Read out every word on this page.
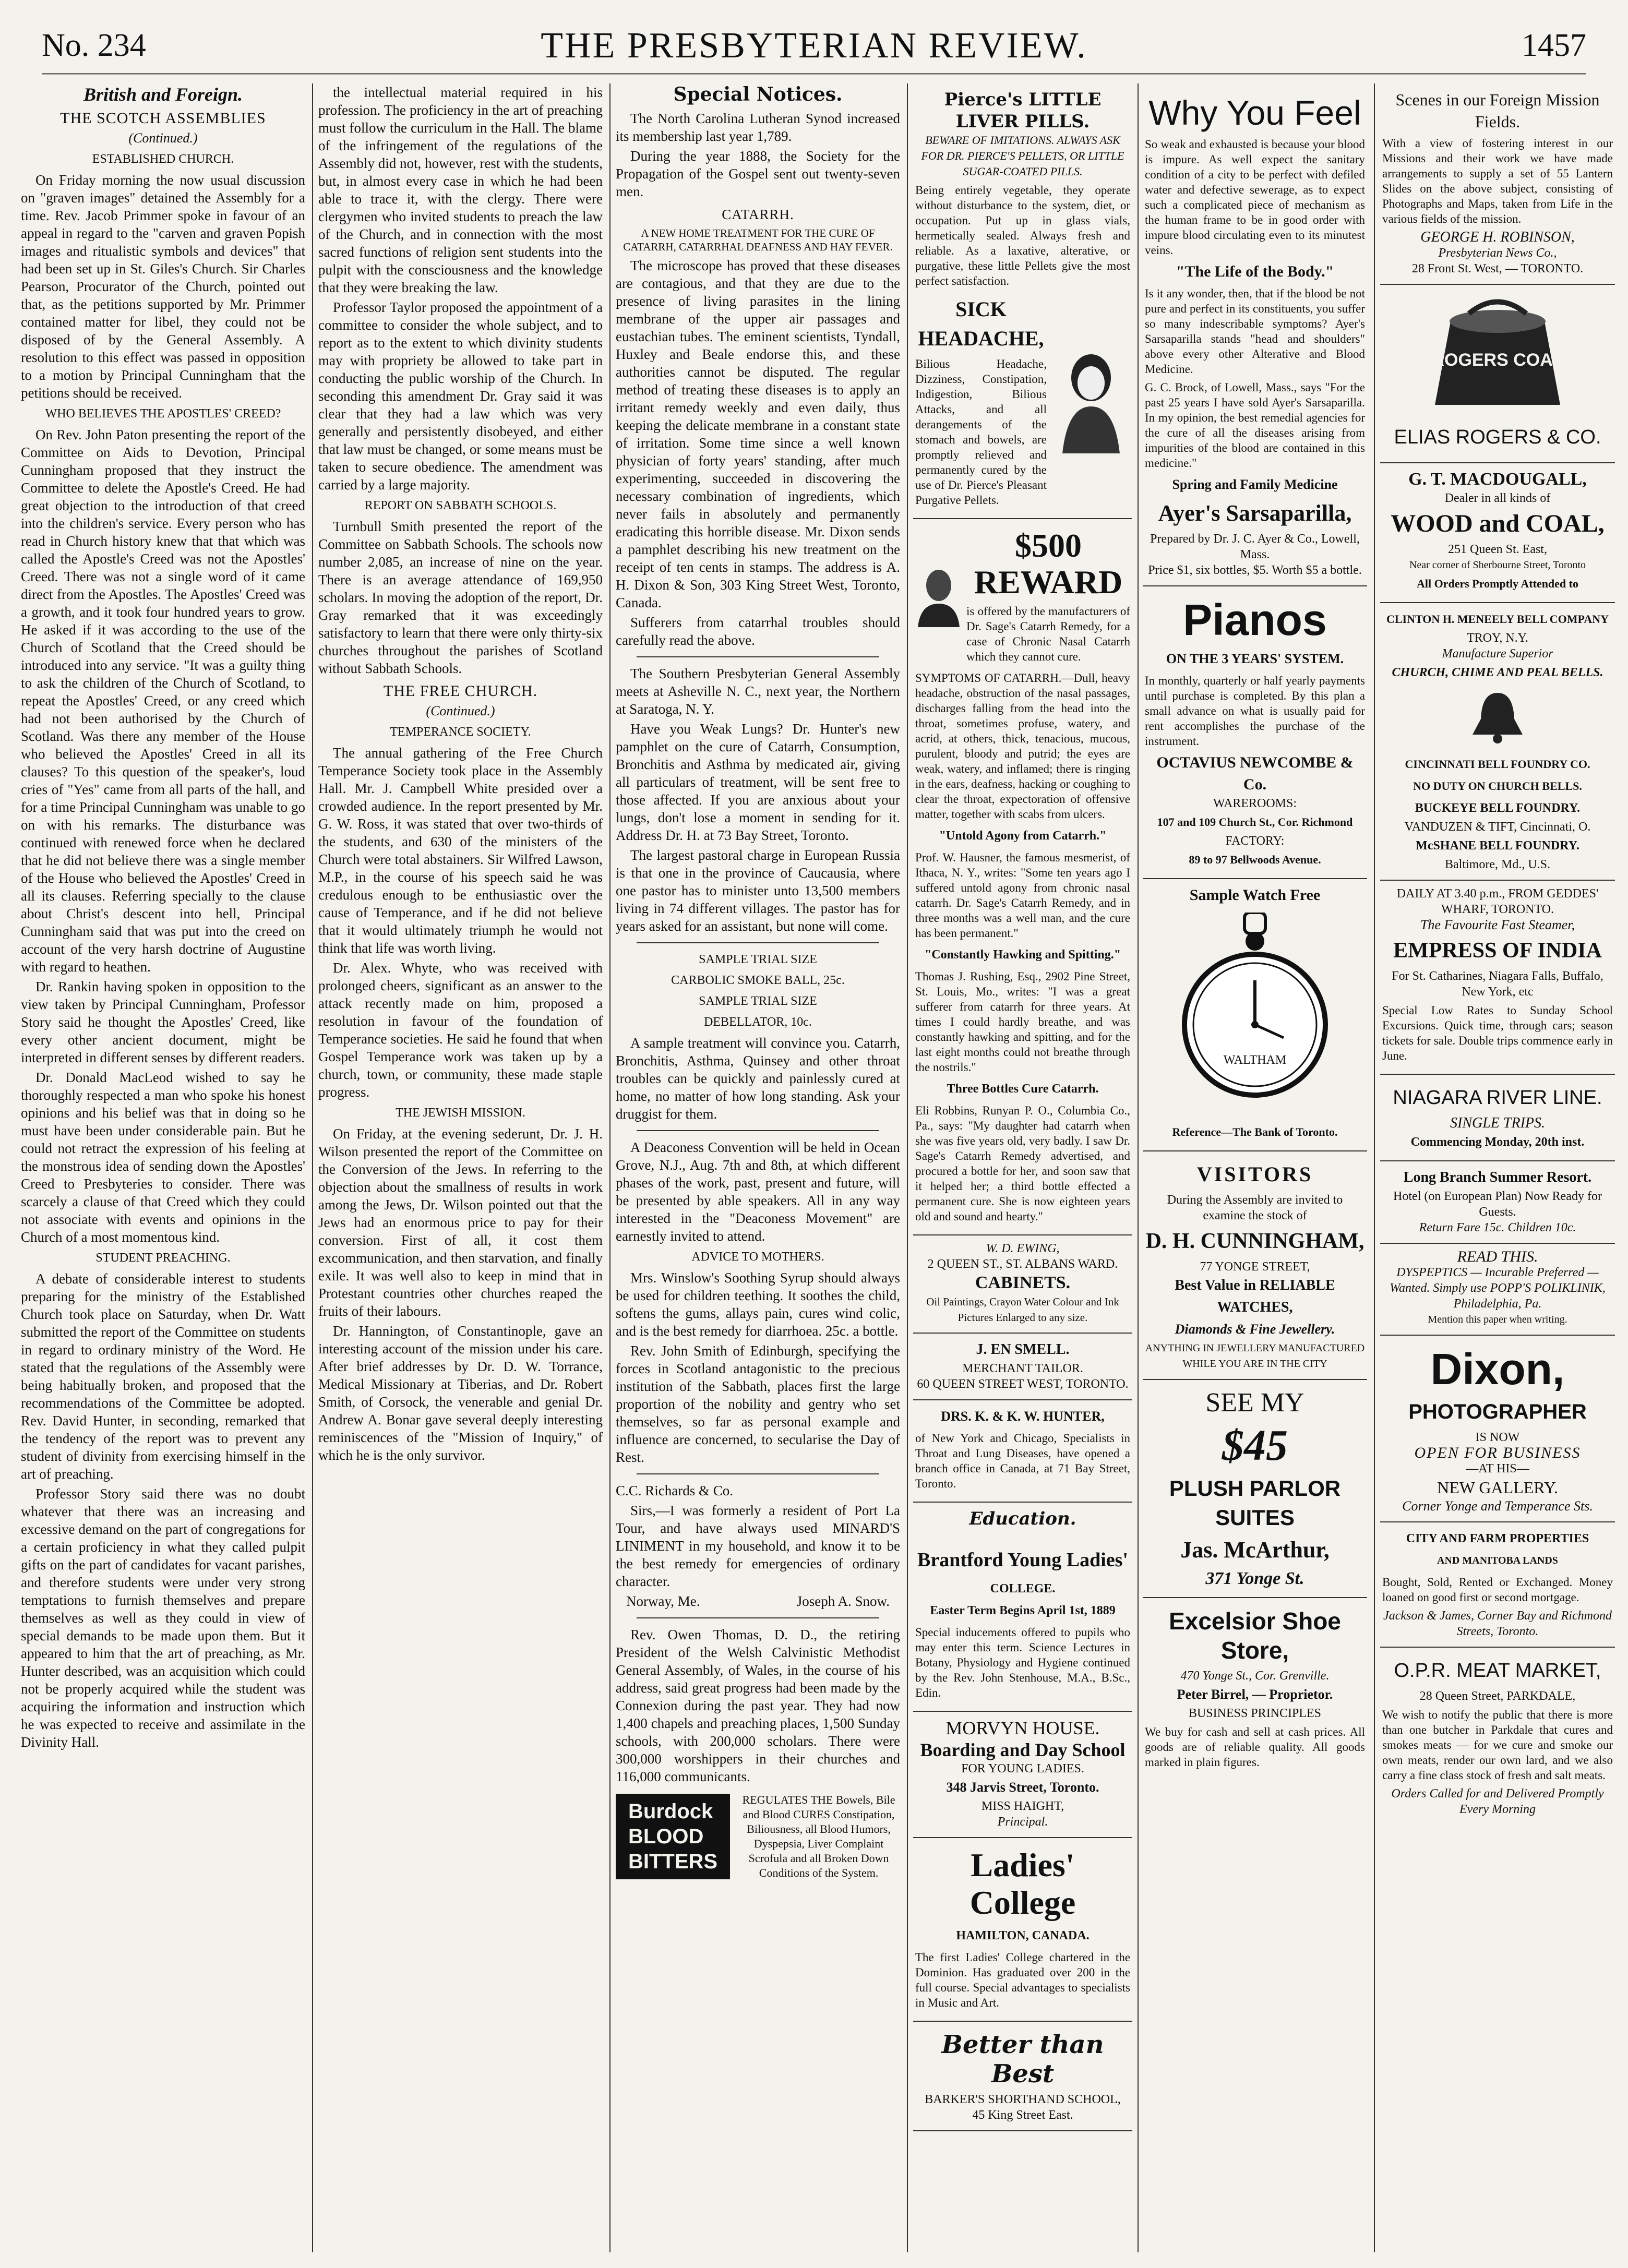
No. 234	THE PRESBYTERIAN REVIEW.	1457
British and Foreign.
THE SCOTCH ASSEMBLIES
(Continued.)
ESTABLISHED CHURCH.

On Friday morning the now usual discussion on "graven images" detained the Assembly for a time. Rev. Jacob Primmer spoke in favour of an appeal in regard to the "carven and graven Popish images and ritualistic symbols and devices" that had been set up in St. Giles's Church. Sir Charles Pearson, Procurator of the Church, pointed out that, as the petitions supported by Mr. Primmer contained matter for libel, they could not be disposed of by the General Assembly. A resolution to this effect was passed in opposition to a motion by Principal Cunningham that the petitions should be received.

WHO BELIEVES THE APOSTLES' CREED?

On Rev. John Paton presenting the report of the Committee on Aids to Devotion, Principal Cunningham proposed that they instruct the Committee to delete the Apostle's Creed. He had great objection to the introduction of that creed into the children's service. Every person who has read in Church history knew that that which was called the Apostle's Creed was not the Apostles' Creed. There was not a single word of it came direct from the Apostles. The Apostles' Creed was a growth, and it took four hundred years to grow. He asked if it was according to the use of the Church of Scotland that the Creed should be introduced into any service. "It was a guilty thing to ask the children of the Church of Scotland, to repeat the Apostles' Creed, or any creed which had not been authorised by the Church of Scotland. Was there any member of the House who believed the Apostles' Creed in all its clauses? To this question of the speaker's, loud cries of "Yes" came from all parts of the hall, and for a time Principal Cunningham was unable to go on with his remarks. The disturbance was continued with renewed force when he declared that he did not believe there was a single member of the House who believed the Apostles' Creed in all its clauses. Referring specially to the clause about Christ's descent into hell, Principal Cunningham said that was put into the creed on account of the very harsh doctrine of Augustine with regard to heathen.

Dr. Rankin having spoken in opposition to the view taken by Principal Cunningham, Professor Story said he thought the Apostles' Creed, like every other ancient document, might be interpreted in different senses by different readers.

Dr. Donald MacLeod wished to say he thoroughly respected a man who spoke his honest opinions and his belief was that in doing so he must have been under considerable pain. But he could not retract the expression of his feeling at the monstrous idea of sending down the Apostles' Creed to Presbyteries to consider. There was scarcely a clause of that Creed which they could not associate with events and opinions in the Church of a most momentous kind.

STUDENT PREACHING.

A debate of considerable interest to students preparing for the ministry of the Established Church took place on Saturday, when Dr. Watt submitted the report of the Committee on students in regard to ordinary ministry of the Word. He stated that the regulations of the Assembly were being habitually broken, and proposed that the recommendations of the Committee be adopted. Rev. David Hunter, in seconding, remarked that the tendency of the report was to prevent any student of divinity from exercising himself in the art of preaching.

Professor Story said there was no doubt whatever that there was an increasing and excessive demand on the part of congregations for a certain proficiency in what they called pulpit gifts on the part of candidates for vacant parishes, and therefore students were under very strong temptations to furnish themselves and prepare themselves as well as they could in view of special demands to be made upon them. But it appeared to him that the art of preaching, as Mr. Hunter described, was an acquisition which could not be properly acquired while the student was acquiring the information and instruction which he was expected to receive and assimilate in the Divinity Hall.

the intellectual material required in his profession. The proficiency in the art of preaching must follow the curriculum in the Hall. The blame of the infringement of the regulations of the Assembly did not, however, rest with the students, but, in almost every case in which he had been able to trace it, with the clergy. There were clergymen who invited students to preach the law of the Church, and in connection with the most sacred functions of religion sent students into the pulpit with the consciousness and the knowledge that they were breaking the law.

Professor Taylor proposed the appointment of a committee to consider the whole subject, and to report as to the extent to which divinity students may with propriety be allowed to take part in conducting the public worship of the Church. In seconding this amendment Dr. Gray said it was clear that they had a law which was very generally and persistently disobeyed, and either that law must be changed, or some means must be taken to secure obedience. The amendment was carried by a large majority.

REPORT ON SABBATH SCHOOLS.

Turnbull Smith presented the report of the Committee on Sabbath Schools. The schools now number 2,085, an increase of nine on the year. There is an average attendance of 169,950 scholars. In moving the adoption of the report, Dr. Gray remarked that it was exceedingly satisfactory to learn that there were only thirty-six churches throughout the parishes of Scotland without Sabbath Schools.

THE FREE CHURCH.
(Continued.)
TEMPERANCE SOCIETY.

The annual gathering of the Free Church Temperance Society took place in the Assembly Hall. Mr. J. Campbell White presided over a crowded audience. In the report presented by Mr. G. W. Ross, it was stated that over two-thirds of the students, and 630 of the ministers of the Church were total abstainers. Sir Wilfred Lawson, M.P., in the course of his speech said he was credulous enough to be enthusiastic over the cause of Temperance, and if he did not believe that it would ultimately triumph he would not think that life was worth living.

Dr. Alex. Whyte, who was received with prolonged cheers, significant as an answer to the attack recently made on him, proposed a resolution in favour of the foundation of Temperance societies. He said he found that when Gospel Temperance work was taken up by a church, town, or community, these made staple progress.

THE JEWISH MISSION.

On Friday, at the evening sederunt, Dr. J. H. Wilson presented the report of the Committee on the Conversion of the Jews. In referring to the objection about the smallness of results in work among the Jews, Dr. Wilson pointed out that the Jews had an enormous price to pay for their conversion. First of all, it cost them excommunication, and then starvation, and finally exile. It was well also to keep in mind that in Protestant countries other churches reaped the fruits of their labours.

Dr. Hannington, of Constantinople, gave an interesting account of the mission under his care. After brief addresses by Dr. D. W. Torrance, Medical Missionary at Tiberias, and Dr. Robert Smith, of Corsock, the venerable and genial Dr. Andrew A. Bonar gave several deeply interesting reminiscences of the "Mission of Inquiry," of which he is the only survivor.

Special Notices.

The North Carolina Lutheran Synod increased its membership last year 1,789.

During the year 1888, the Society for the Propagation of the Gospel sent out twenty-seven men.

CATARRH.
A NEW HOME TREATMENT FOR THE CURE OF CATARRH, CATARRHAL DEAFNESS AND HAY FEVER.

The microscope has proved that these diseases are contagious, and that they are due to the presence of living parasites in the lining membrane of the upper air passages and eustachian tubes. The eminent scientists, Tyndall, Huxley and Beale endorse this, and these authorities cannot be disputed. The regular method of treating these diseases is to apply an irritant remedy weekly and even daily, thus keeping the delicate membrane in a constant state of irritation. Some time since a well known physician of forty years' standing, after much experimenting, succeeded in discovering the necessary combination of ingredients, which never fails in absolutely and permanently eradicating this horrible disease. Mr. Dixon sends a pamphlet describing his new treatment on the receipt of ten cents in stamps. The address is A. H. Dixon & Son, 303 King Street West, Toronto, Canada.

Sufferers from catarrhal troubles should carefully read the above.

The Southern Presbyterian General Assembly meets at Asheville N. C., next year, the Northern at Saratoga, N. Y.

Have you Weak Lungs? Dr. Hunter's new pamphlet on the cure of Catarrh, Consumption, Bronchitis and Asthma by medicated air, giving all particulars of treatment, will be sent free to those affected. If you are anxious about your lungs, don't lose a moment in sending for it. Address Dr. H. at 73 Bay Street, Toronto.

The largest pastoral charge in European Russia is that one in the province of Caucausia, where one pastor has to minister unto 13,500 members living in 74 different villages. The pastor has for years asked for an assistant, but none will come.

SAMPLE TRIAL SIZE
CARBOLIC SMOKE BALL, 25c.
SAMPLE TRIAL SIZE
DEBELLATOR, 10c.

A sample treatment will convince you. Catarrh, Bronchitis, Asthma, Quinsey and other throat troubles can be quickly and painlessly cured at home, no matter of how long standing. Ask your druggist for them.

A Deaconess Convention will be held in Ocean Grove, N.J., Aug. 7th and 8th, at which different phases of the work, past, present and future, will be presented by able speakers. All in any way interested in the "Deaconess Movement" are earnestly invited to attend.

ADVICE TO MOTHERS.

Mrs. Winslow's Soothing Syrup should always be used for children teething. It soothes the child, softens the gums, allays pain, cures wind colic, and is the best remedy for diarrhoea. 25c. a bottle.

Rev. John Smith of Edinburgh, specifying the forces in Scotland antagonistic to the precious institution of the Sabbath, places first the large proportion of the nobility and gentry who set themselves, so far as personal example and influence are concerned, to secularise the Day of Rest.

C.C. Richards & Co.

Sirs,—I was formerly a resident of Port La Tour, and have always used MINARD'S LINIMENT in my household, and know it to be the best remedy for emergencies of ordinary character.

Norway, Me.	Joseph A. Snow.

Rev. Owen Thomas, D. D., the retiring President of the Welsh Calvinistic Methodist General Assembly, of Wales, in the course of his address, said great progress had been made by the Connexion during the past year. They had now 1,400 chapels and preaching places, 1,500 Sunday schools, with 200,000 scholars. There were 300,000 worshippers in their churches and 116,000 communicants.

Burdock
BLOOD
BITTERS
REGULATES THE Bowels, Bile and Blood CURES Constipation, Biliousness, all Blood Humors, Dyspepsia, Liver Complaint Scrofula and all Broken Down Conditions of the System.
Pierce's LITTLE LIVER PILLS.
BEWARE OF IMITATIONS. ALWAYS ASK FOR DR. PIERCE'S PELLETS, OR LITTLE SUGAR-COATED PILLS.
Being entirely vegetable, they operate without disturbance to the system, diet, or occupation. Put up in glass vials, hermetically sealed. Always fresh and reliable. As a laxative, alterative, or purgative, these little Pellets give the most perfect satisfaction.
SICK HEADACHE,
Bilious Headache, Dizziness, Constipation, Indigestion, Bilious Attacks, and all derangements of the stomach and bowels, are promptly relieved and permanently cured by the use of Dr. Pierce's Pleasant Purgative Pellets.
$500 REWARD
is offered by the manufacturers of Dr. Sage's Catarrh Remedy, for a case of Chronic Nasal Catarrh which they cannot cure.
SYMPTOMS OF CATARRH.—Dull, heavy headache, obstruction of the nasal passages, discharges falling from the head into the throat, sometimes profuse, watery, and acrid, at others, thick, tenacious, mucous, purulent, bloody and putrid; the eyes are weak, watery, and inflamed; there is ringing in the ears, deafness, hacking or coughing to clear the throat, expectoration of offensive matter, together with scabs from ulcers.
"Untold Agony from Catarrh."
Prof. W. Hausner, the famous mesmerist, of Ithaca, N. Y., writes: "Some ten years ago I suffered untold agony from chronic nasal catarrh. Dr. Sage's Catarrh Remedy, and in three months was a well man, and the cure has been permanent."
"Constantly Hawking and Spitting."
Thomas J. Rushing, Esq., 2902 Pine Street, St. Louis, Mo., writes: "I was a great sufferer from catarrh for three years. At times I could hardly breathe, and was constantly hawking and spitting, and for the last eight months could not breathe through the nostrils."
Three Bottles Cure Catarrh.
Eli Robbins, Runyan P. O., Columbia Co., Pa., says: "My daughter had catarrh when she was five years old, very badly. I saw Dr. Sage's Catarrh Remedy advertised, and procured a bottle for her, and soon saw that it helped her; a third bottle effected a permanent cure. She is now eighteen years old and sound and hearty."
W. D. EWING,
2 QUEEN ST., ST. ALBANS WARD.
CABINETS.
Oil Paintings, Crayon Water Colour and Ink Pictures Enlarged to any size.
J. EN SMELL.
MERCHANT TAILOR.
60 QUEEN STREET WEST, TORONTO.
DRS. K. & K. W. HUNTER,
of New York and Chicago, Specialists in Throat and Lung Diseases, have opened a branch office in Canada, at 71 Bay Street, Toronto.
Education.
Brantford Young Ladies'
COLLEGE.
Easter Term Begins April 1st, 1889
Special inducements offered to pupils who may enter this term. Science Lectures in Botany, Physiology and Hygiene continued by the Rev. John Stenhouse, M.A., B.Sc., Edin.
MORVYN HOUSE.
Boarding and Day School
FOR YOUNG LADIES.
348 Jarvis Street, Toronto.
MISS HAIGHT,
Principal.
Ladies' College
HAMILTON, CANADA.
The first Ladies' College chartered in the Dominion. Has graduated over 200 in the full course. Special advantages to specialists in Music and Art.
Better than Best
BARKER'S SHORTHAND SCHOOL,
45 King Street East.
Why You Feel
So weak and exhausted is because your blood is impure. As well expect the sanitary condition of a city to be perfect with defiled water and defective sewerage, as to expect such a complicated piece of mechanism as the human frame to be in good order with impure blood circulating even to its minutest veins.
"The Life of the Body."
Is it any wonder, then, that if the blood be not pure and perfect in its constituents, you suffer so many indescribable symptoms? Ayer's Sarsaparilla stands "head and shoulders" above every other Alterative and Blood Medicine.
G. C. Brock, of Lowell, Mass., says "For the past 25 years I have sold Ayer's Sarsaparilla. In my opinion, the best remedial agencies for the cure of all the diseases arising from impurities of the blood are contained in this medicine."
Spring and Family Medicine
Ayer's Sarsaparilla,
Prepared by Dr. J. C. Ayer & Co., Lowell, Mass.
Price $1, six bottles, $5. Worth $5 a bottle.
Pianos
ON THE 3 YEARS' SYSTEM.
In monthly, quarterly or half yearly payments until purchase is completed. By this plan a small advance on what is usually paid for rent accomplishes the purchase of the instrument.
OCTAVIUS NEWCOMBE & Co.
WAREROOMS:
107 and 109 Church St., Cor. Richmond
FACTORY:
89 to 97 Bellwoods Avenue.
Sample Watch Free
WALTHAM
Reference—The Bank of Toronto.
VISITORS
During the Assembly are invited to examine the stock of
D. H. CUNNINGHAM,
77 YONGE STREET,
Best Value in RELIABLE WATCHES,
Diamonds & Fine Jewellery.
ANYTHING IN JEWELLERY MANUFACTURED WHILE YOU ARE IN THE CITY
SEE MY
$45
PLUSH PARLOR SUITES
Jas. McArthur,
371 Yonge St.
Excelsior Shoe Store,
470 Yonge St., Cor. Grenville.
Peter Birrel, — Proprietor.
BUSINESS PRINCIPLES
We buy for cash and sell at cash prices. All goods are of reliable quality. All goods marked in plain figures.
Scenes in our Foreign Mission Fields.
With a view of fostering interest in our Missions and their work we have made arrangements to supply a set of 55 Lantern Slides on the above subject, consisting of Photographs and Maps, taken from Life in the various fields of the mission.
GEORGE H. ROBINSON,
Presbyterian News Co.,
28 Front St. West, — TORONTO.
ROGERS COAL
ELIAS ROGERS & CO.
G. T. MACDOUGALL,
Dealer in all kinds of
WOOD and COAL,
251 Queen St. East,
Near corner of Sherbourne Street, Toronto
All Orders Promptly Attended to
CLINTON H. MENEELY BELL COMPANY
TROY, N.Y.
Manufacture Superior
CHURCH, CHIME AND PEAL BELLS.
CINCINNATI BELL FOUNDRY CO.
NO DUTY ON CHURCH BELLS.
BUCKEYE BELL FOUNDRY.
VANDUZEN & TIFT, Cincinnati, O.
McSHANE BELL FOUNDRY.
Baltimore, Md., U.S.
DAILY AT 3.40 p.m., FROM GEDDES' WHARF, TORONTO.
The Favourite Fast Steamer,
EMPRESS OF INDIA
For St. Catharines, Niagara Falls, Buffalo, New York, etc
Special Low Rates to Sunday School Excursions. Quick time, through cars; season tickets for sale. Double trips commence early in June.
NIAGARA RIVER LINE.
SINGLE TRIPS.
Commencing Monday, 20th inst.
Long Branch Summer Resort.
Hotel (on European Plan) Now Ready for Guests.
Return Fare 15c. Children 10c.
READ THIS.
DYSPEPTICS — Incurable Preferred — Wanted. Simply use POPP'S POLIKLINIK, Philadelphia, Pa.
Mention this paper when writing.
Dixon,
PHOTOGRAPHER
IS NOW
OPEN FOR BUSINESS
—AT HIS—
NEW GALLERY.
Corner Yonge and Temperance Sts.
CITY AND FARM PROPERTIES
AND MANITOBA LANDS
Bought, Sold, Rented or Exchanged. Money loaned on good first or second mortgage.
Jackson & James, Corner Bay and Richmond Streets, Toronto.
O.P.R. MEAT MARKET,
28 Queen Street, PARKDALE,
We wish to notify the public that there is more than one butcher in Parkdale that cures and smokes meats — for we cure and smoke our own meats, render our own lard, and we also carry a fine class stock of fresh and salt meats.
Orders Called for and Delivered Promptly Every Morning
